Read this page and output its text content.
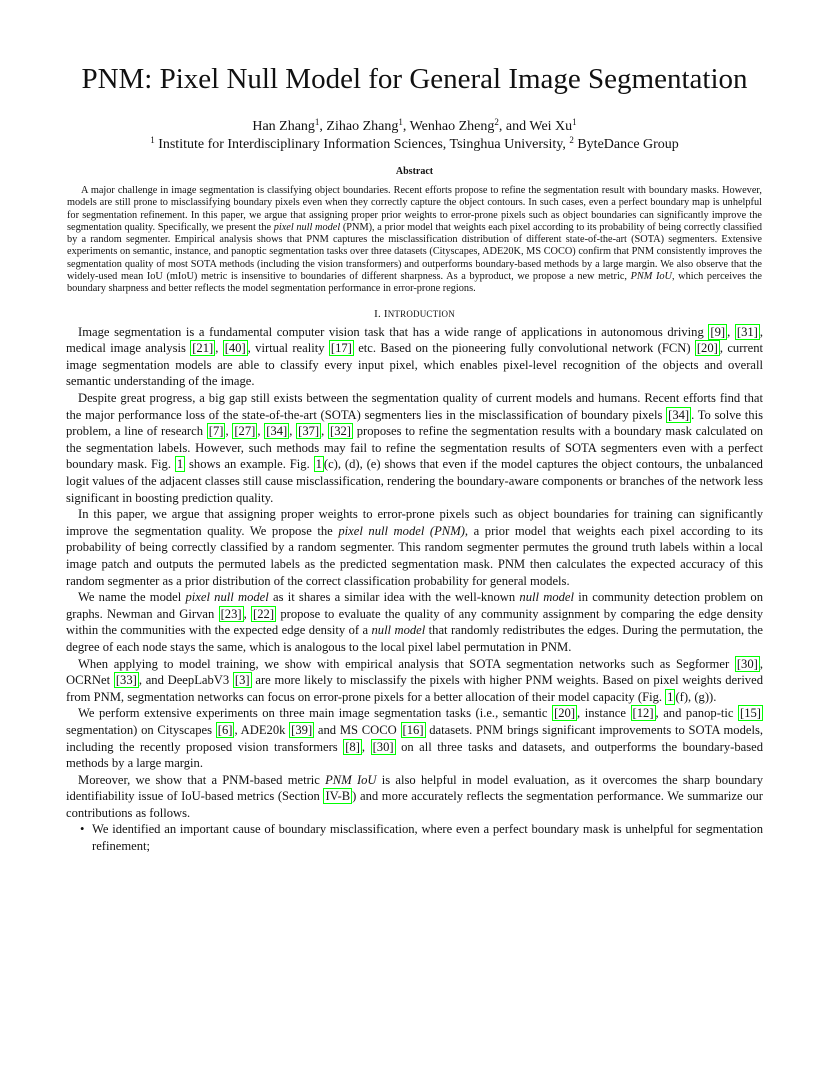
PNM: Pixel Null Model for General Image Segmentation
Han Zhang$^1$, Zihao Zhang$^1$, Wenhao Zheng$^2$, and Wei Xu$^1$
$^1$ Institute for Interdisciplinary Information Sciences, Tsinghua University, $^2$ ByteDance Group
Abstract

A major challenge in image segmentation is classifying object boundaries. Recent efforts propose to refine the segmentation result with boundary masks. However, models are still prone to misclassifying boundary pixels even when they correctly capture the object contours. In such cases, even a perfect boundary map is unhelpful for segmentation refinement. In this paper, we argue that assigning proper prior weights to error-prone pixels such as object boundaries can significantly improve the segmentation quality. Specifically, we present the pixel null model (PNM), a prior model that weights each pixel according to its probability of being correctly classified by a random segmenter. Empirical analysis shows that PNM captures the misclassification distribution of different state-of-the-art (SOTA) segmenters. Extensive experiments on semantic, instance, and panoptic segmentation tasks over three datasets (Cityscapes, ADE20K, MS COCO) confirm that PNM consistently improves the segmentation quality of most SOTA methods (including the vision transformers) and outperforms boundary-based methods by a large margin. We also observe that the widely-used mean IoU (mIoU) metric is insensitive to boundaries of different sharpness. As a byproduct, we propose a new metric, PNM IoU, which perceives the boundary sharpness and better reflects the model segmentation performance in error-prone regions.

I. INTRODUCTION

Image segmentation is a fundamental computer vision task that has a wide range of applications in autonomous driving [9] , [31] , medical image analysis [21] , [40] , virtual reality [17] etc. Based on the pioneering fully convolutional network (FCN) [20] , current image segmentation models are able to classify every input pixel, which enables pixel-level recognition of the objects and overall semantic understanding of the image.

Despite great progress, a big gap still exists between the segmentation quality of current models and humans. Recent efforts find that the major performance loss of the state-of-the-art (SOTA) segmenters lies in the misclassification of boundary pixels [34] . To solve this problem, a line of research [7] , [27] , [34] , [37] , [32] proposes to refine the segmentation results with a boundary mask calculated on the segmentation labels. However, such methods may fail to refine the segmentation results of SOTA segmenters even with a perfect boundary mask. Fig. 1 shows an example. Fig. 1 (c), (d), (e) shows that even if the model captures the object contours, the unbalanced logit values of the adjacent classes still cause misclassification, rendering the boundary-aware components or branches of the network less significant in boosting prediction quality.

In this paper, we argue that assigning proper weights to error-prone pixels such as object boundaries for training can significantly improve the segmentation quality. We propose the pixel null model (PNM), a prior model that weights each pixel according to its probability of being correctly classified by a random segmenter. This random segmenter permutes the ground truth labels within a local image patch and outputs the permuted labels as the predicted segmentation mask. PNM then calculates the expected accuracy of this random segmenter as a prior distribution of the correct classification probability for general models.

We name the model pixel null model as it shares a similar idea with the well-known null model in community detection problem on graphs. Newman and Girvan [23] , [22] propose to evaluate the quality of any community assignment by comparing the edge density within the communities with the expected edge density of a null model that randomly redistributes the edges. During the permutation, the degree of each node stays the same, which is analogous to the local pixel label permutation in PNM.

When applying to model training, we show with empirical analysis that SOTA segmentation networks such as Segformer [30] , OCRNet [33] , and DeepLabV3 [3] are more likely to misclassify the pixels with higher PNM weights. Based on pixel weights derived from PNM, segmentation networks can focus on error-prone pixels for a better allocation of their model capacity (Fig. 1 (f), (g)).

We perform extensive experiments on three main image segmentation tasks (i.e., semantic [20] , instance [12] , and panop-tic [15] segmentation) on Cityscapes [6] , ADE20k [39] and MS COCO [16] datasets. PNM brings significant improvements to SOTA models, including the recently proposed vision transformers [8] , [30] on all three tasks and datasets, and outperforms the boundary-based methods by a large margin.

Moreover, we show that a PNM-based metric PNM IoU is also helpful in model evaluation, as it overcomes the sharp boundary identifiability issue of IoU-based metrics (Section IV-B ) and more accurately reflects the segmentation performance. We summarize our contributions as follows.

• We identified an important cause of boundary misclassification, where even a perfect boundary mask is unhelpful for segmentation refinement;
